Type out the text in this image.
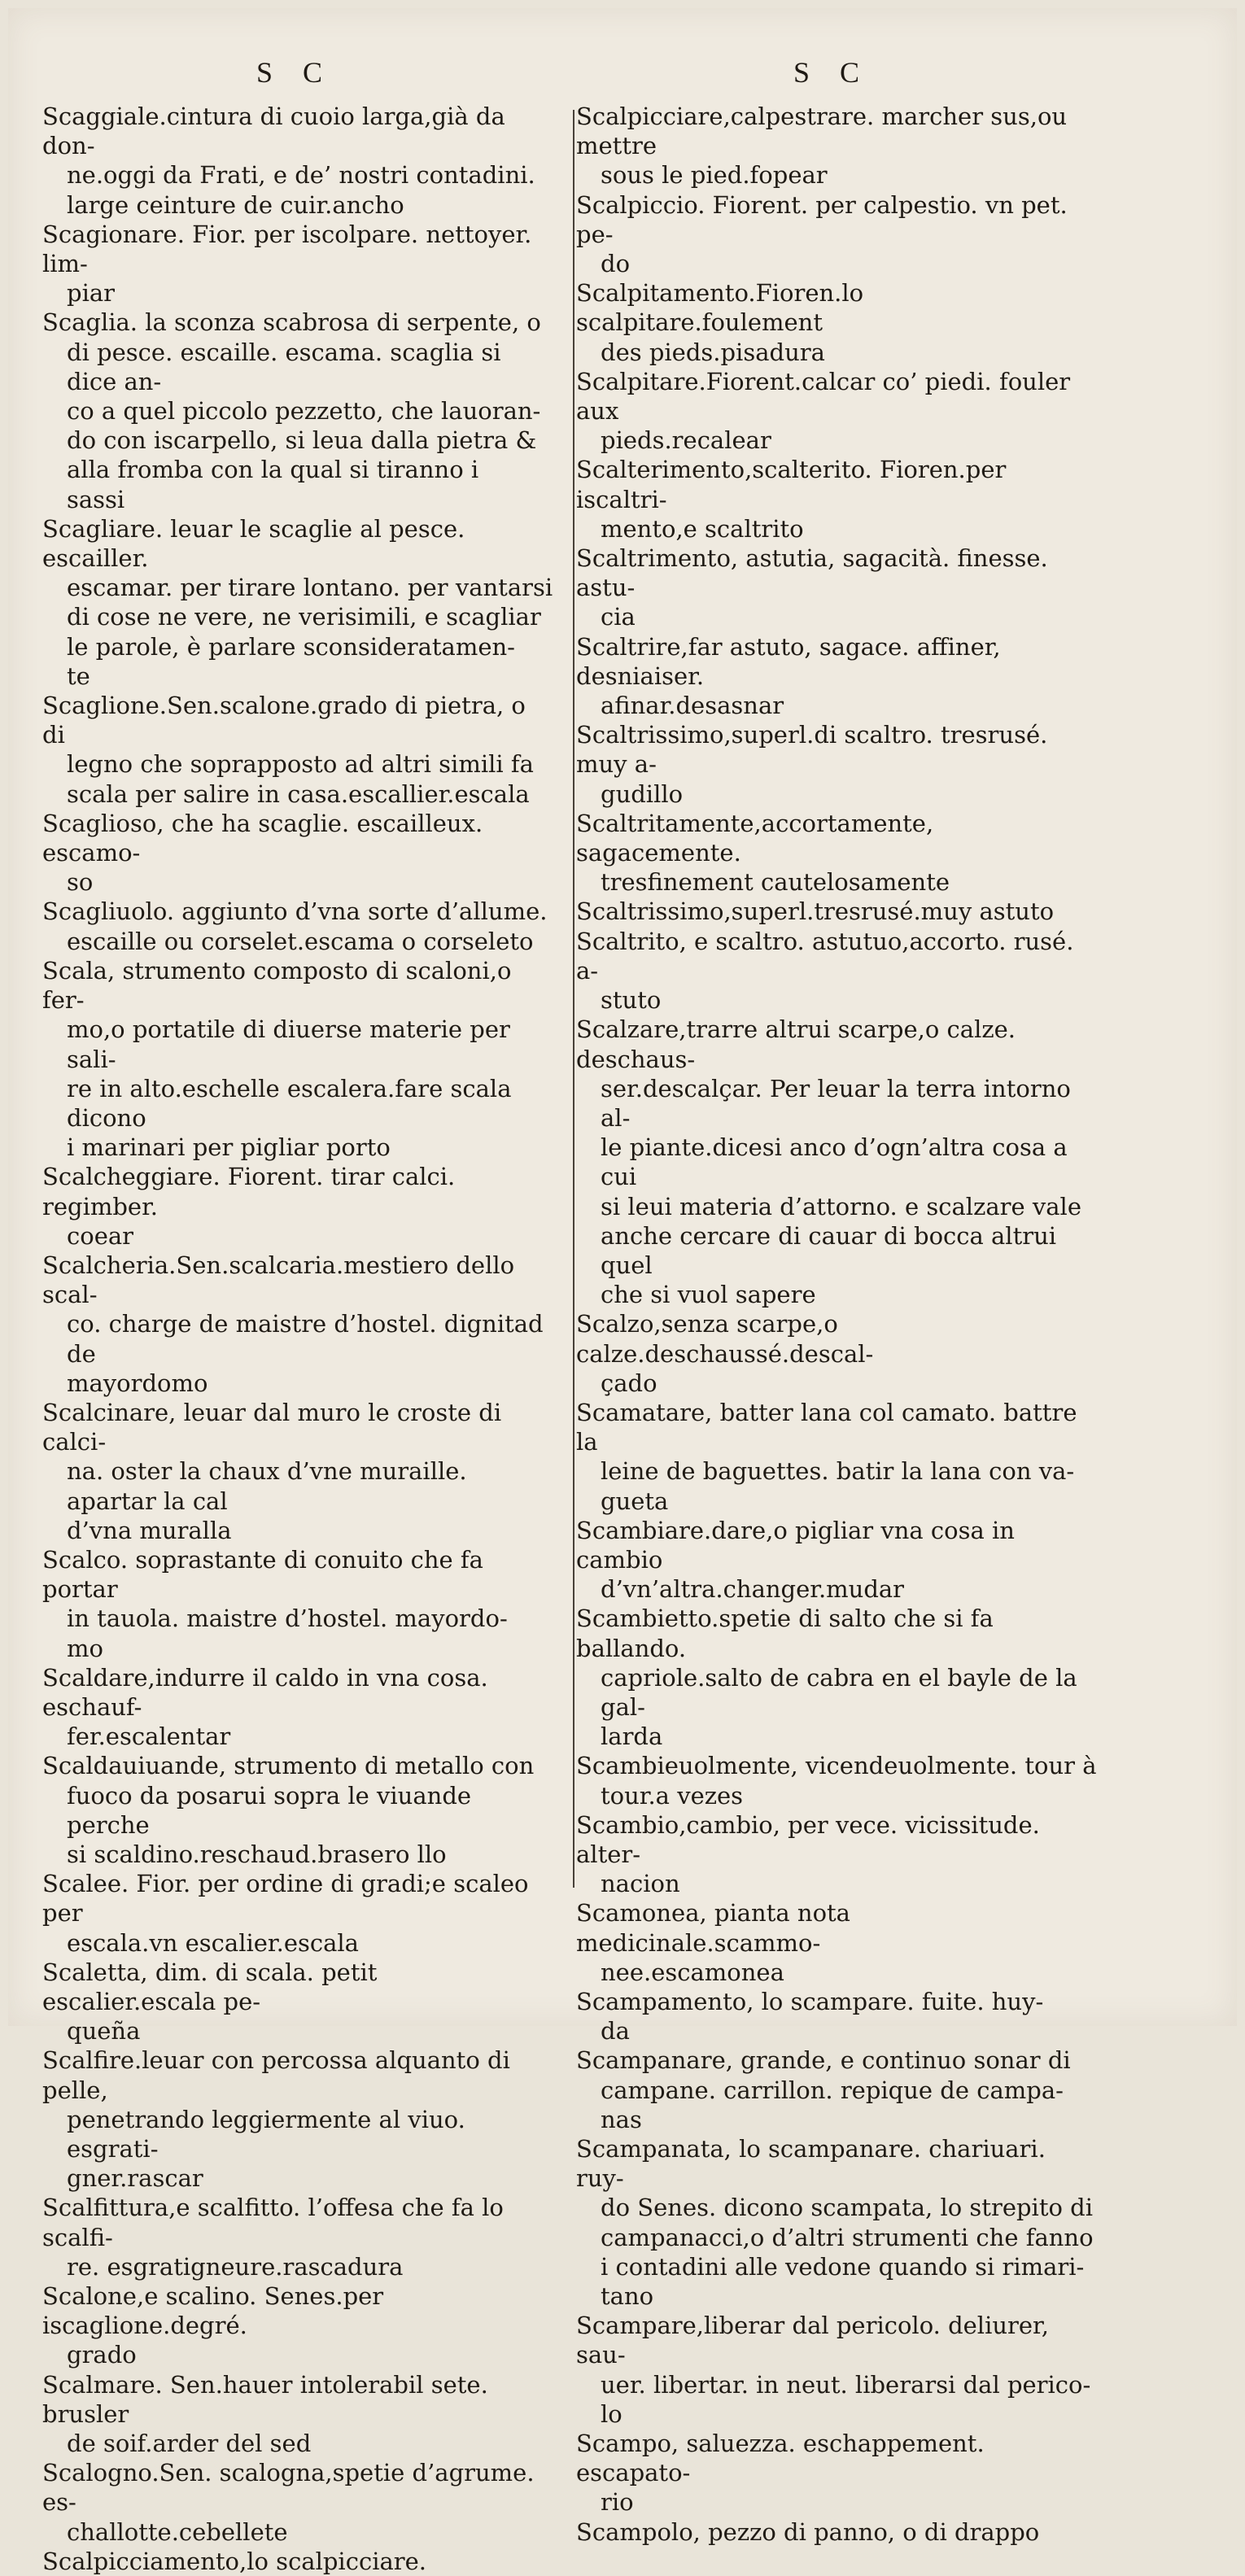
S C	S C

Scaggiale.cintura di cuoio larga,già da don-

ne.oggi da Frati, e de’ nostri contadini.
large ceinture de cuir.ancho

Scagionare. Fior. per iscolpare. nettoyer. lim-

piar

Scaglia. la sconza scabrosa di serpente, o

di pesce. escaille. escama. scaglia si dice an-
co a quel piccolo pezzetto, che lauoran-
do con iscarpello, si leua dalla pietra &
alla fromba con la qual si tiranno i
sassi

Scagliare. leuar le scaglie al pesce. escailler.

escamar. per tirare lontano. per vantarsi
di cose ne vere, ne verisimili, e scagliar
le parole, è parlare sconsideratamen-
te

Scaglione.Sen.scalone.grado di pietra, o di

legno che soprapposto ad altri simili fa
scala per salire in casa.escallier.escala

Scaglioso, che ha scaglie. escailleux. escamo-

so

Scagliuolo. aggiunto d’vna sorte d’allume.

escaille ou corselet.escama o corseleto

Scala, strumento composto di scaloni,o fer-

mo,o portatile di diuerse materie per sali-
re in alto.eschelle escalera.fare scala dicono
i marinari per pigliar porto

Scalcheggiare. Fiorent. tirar calci. regimber.

coear

Scalcheria.Sen.scalcaria.mestiero dello scal-

co. charge de maistre d’hostel. dignitad de
mayordomo

Scalcinare, leuar dal muro le croste di calci-

na. oster la chaux d’vne muraille. apartar la cal
d’vna muralla

Scalco. soprastante di conuito che fa portar

in tauola. maistre d’hostel. mayordo-
mo

Scaldare,indurre il caldo in vna cosa. eschauf-

fer.escalentar

Scaldauiuande, strumento di metallo con

fuoco da posarui sopra le viuande perche
si scaldino.reschaud.brasero llo

Scalee. Fior. per ordine di gradi;e scaleo per

escala.vn escalier.escala

Scaletta, dim. di scala. petit escalier.escala pe-

queña

Scalfire.leuar con percossa alquanto di pelle,

penetrando leggiermente al viuo. esgrati-
gner.rascar

Scalfittura,e scalfitto. l’offesa che fa lo scalfi-

re. esgratigneure.rascadura

Scalone,e scalino. Senes.per iscaglione.degré.

grado

Scalmare. Sen.hauer intolerabil sete. brusler

de soif.arder del sed

Scalogno.Sen. scalogna,spetie d’agrume. es-

challotte.cebellete

Scalpicciamento,lo scalpicciare.

Scalpicciare,calpestrare. marcher sus,ou mettre

sous le pied.fopear

Scalpiccio. Fiorent. per calpestio. vn pet. pe-

do

Scalpitamento.Fioren.lo scalpitare.foulement

des pieds.pisadura

Scalpitare.Fiorent.calcar co’ piedi. fouler aux

pieds.recalear

Scalterimento,scalterito. Fioren.per iscaltri-

mento,e scaltrito

Scaltrimento, astutia, sagacità. finesse. astu-

cia

Scaltrire,far astuto, sagace. affiner, desniaiser.

afinar.desasnar

Scaltrissimo,superl.di scaltro. tresrusé. muy a-

gudillo

Scaltritamente,accortamente, sagacemente.

tresfinement cautelosamente

Scaltrissimo,superl.tresrusé.muy astuto

Scaltrito, e scaltro. astutuo,accorto. rusé. a-

stuto

Scalzare,trarre altrui scarpe,o calze. deschaus-

ser.descalçar. Per leuar la terra intorno al-
le piante.dicesi anco d’ogn’altra cosa a cui
si leui materia d’attorno. e scalzare vale
anche cercare di cauar di bocca altrui quel
che si vuol sapere

Scalzo,senza scarpe,o calze.deschaussé.descal-

çado

Scamatare, batter lana col camato. battre la

leine de baguettes. batir la lana con va-
gueta

Scambiare.dare,o pigliar vna cosa in cambio

d’vn’altra.changer.mudar

Scambietto.spetie di salto che si fa ballando.

capriole.salto de cabra en el bayle de la gal-
larda

Scambieuolmente, vicendeuolmente. tour à

tour.a vezes

Scambio,cambio, per vece. vicissitude. alter-

nacion

Scamonea, pianta nota medicinale.scammo-

nee.escamonea

Scampamento, lo scampare. fuite. huy-

da

Scampanare, grande, e continuo sonar di

campane. carrillon. repique de campa-
nas

Scampanata, lo scampanare. chariuari. ruy-

do Senes. dicono scampata, lo strepito di
campanacci,o d’altri strumenti che fanno
i contadini alle vedone quando si rimari-
tano

Scampare,liberar dal pericolo. deliurer, sau-

uer. libertar. in neut. liberarsi dal perico-
lo

Scampo, saluezza. eschappement. escapato-

rio

Scampolo, pezzo di panno, o di drappo
